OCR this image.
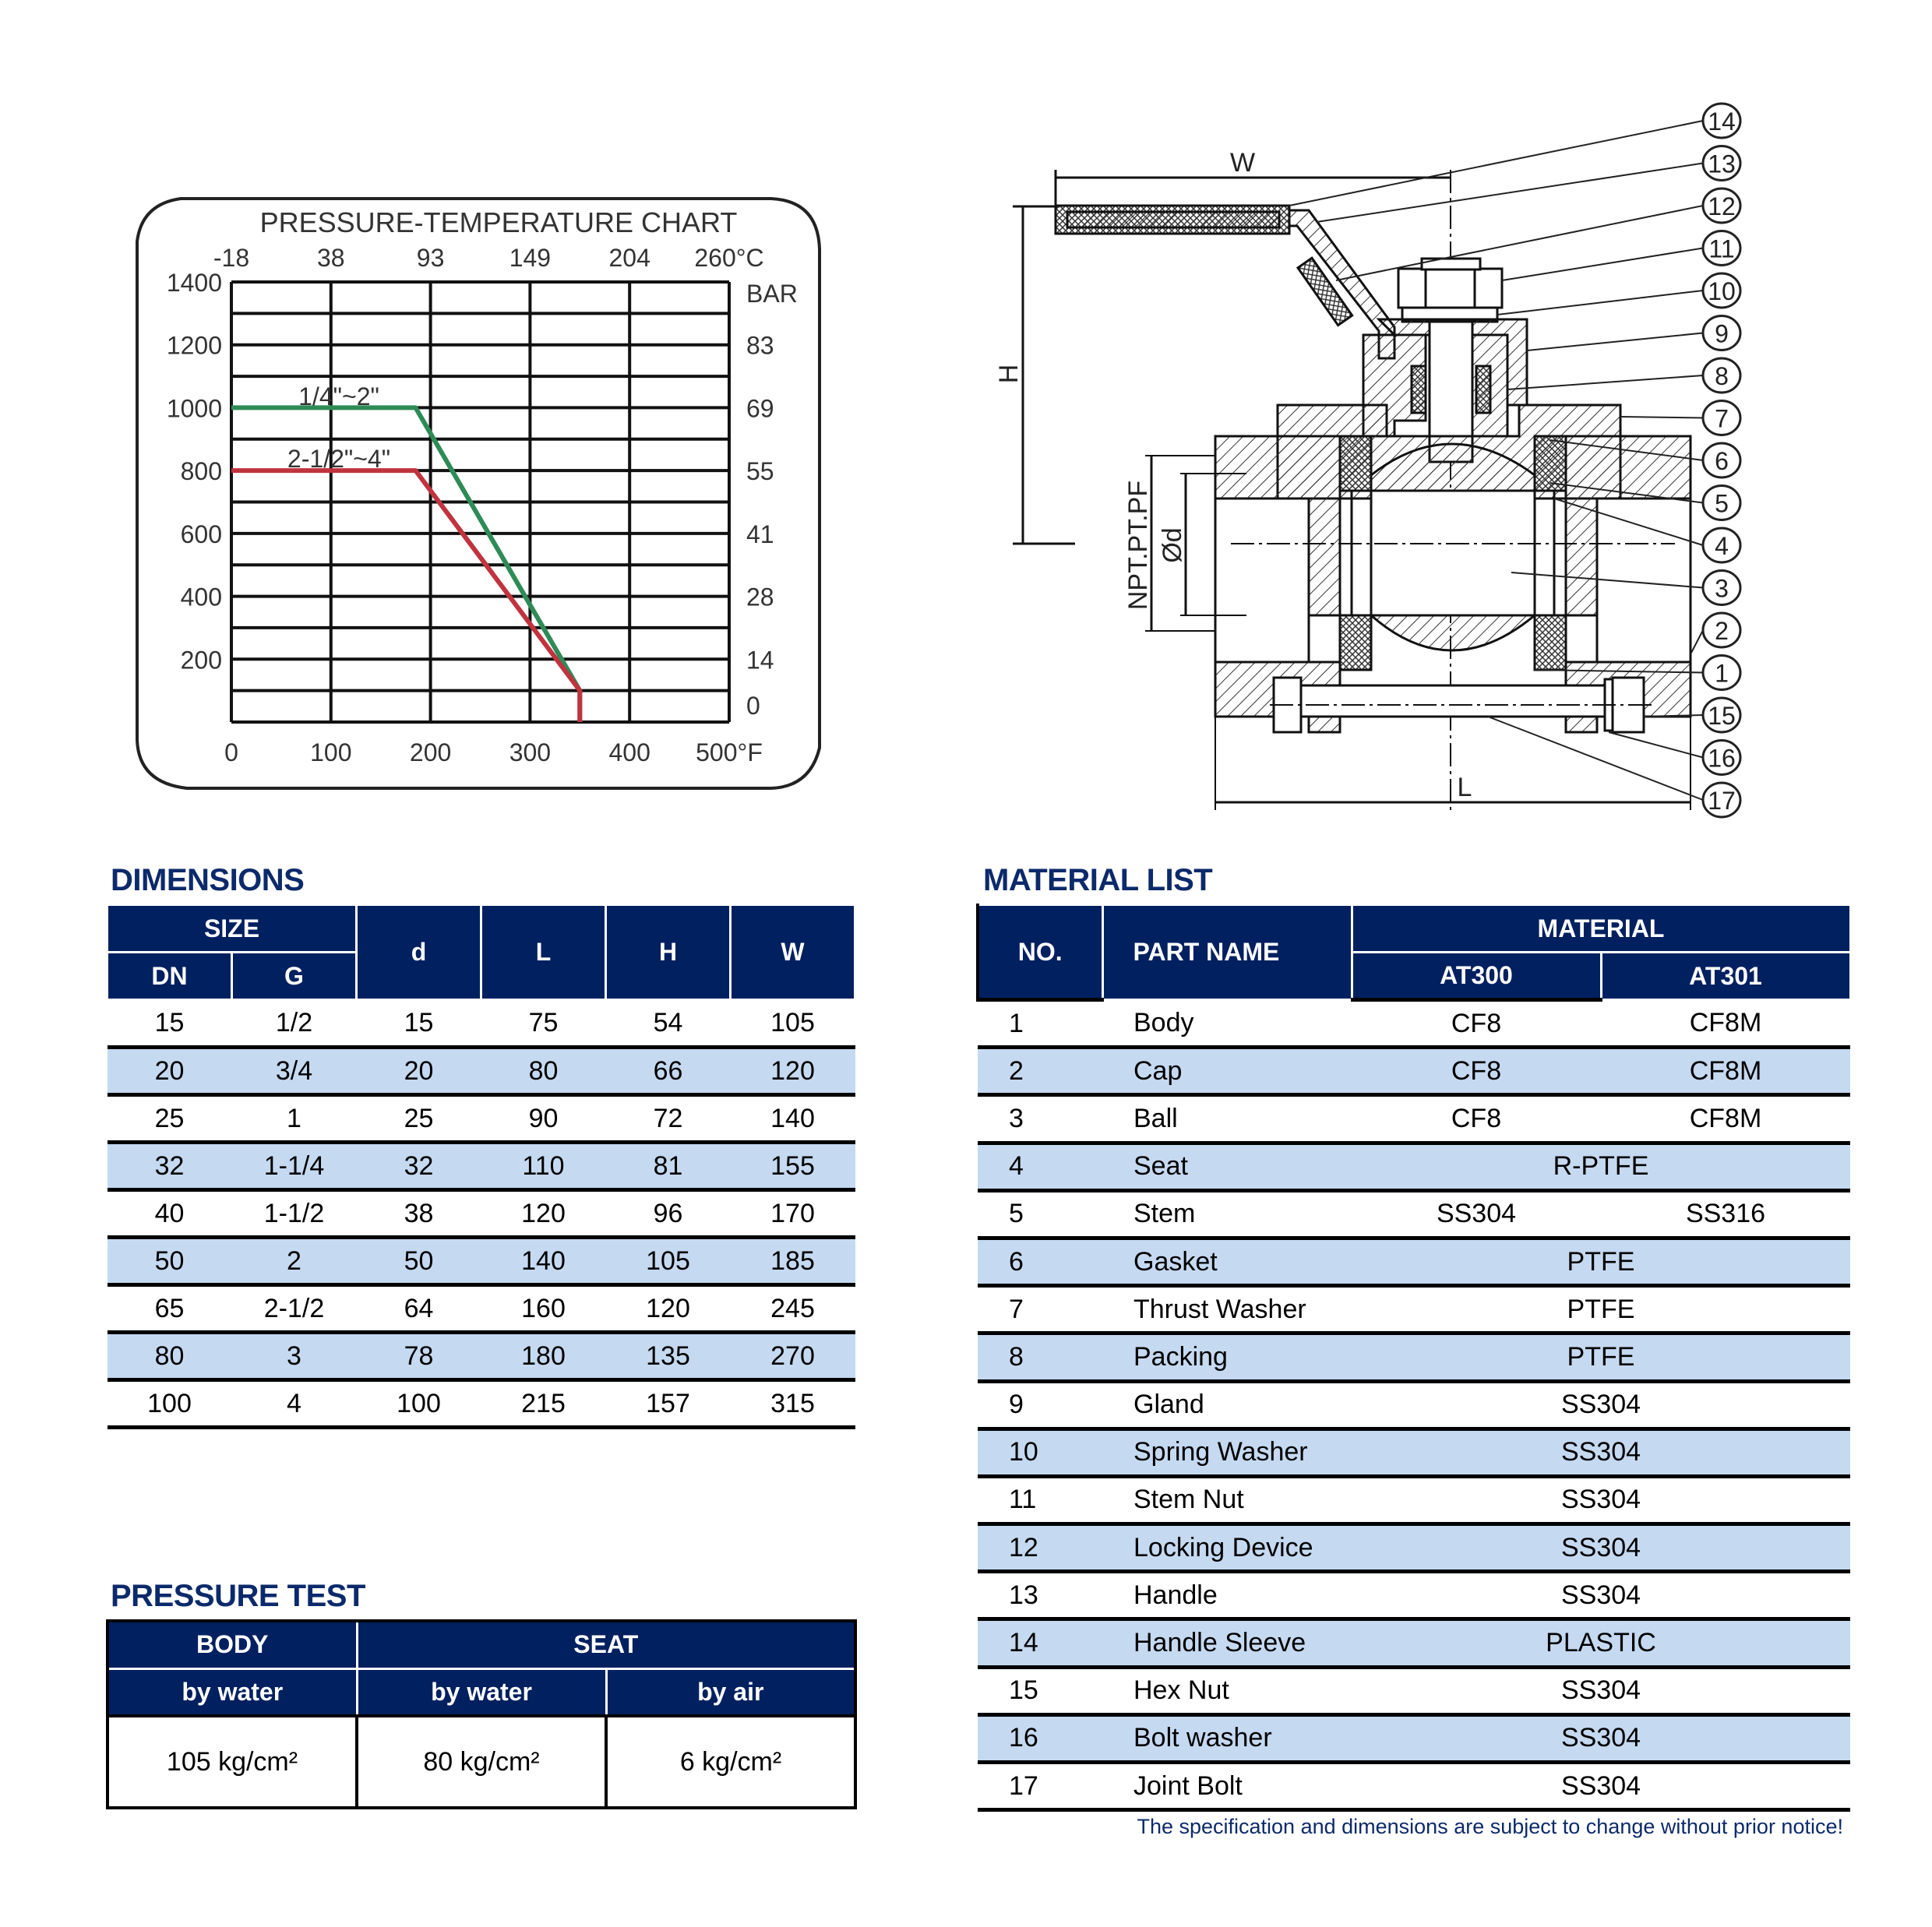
PRESSURE-TEMPERATURE CHART
0	100 200 300 400 500°F
-18	38	93	149 204 260°C
1400
1200
1000
800
600
400
200
BAR
83
69
55
41
28
14
0
1/4"~2"
2-1/2"~4"
W
H
L
Ød
NPT.PT.PF
14
13
12
11
10
9
8
7
6
5
4
3
2
1
15
16
17
DIMENSIONS
SIZE		d	L	H	W
DN	G				
15	1/2	15	75	54	105
20	3/4	20	80	66	120
25	1	25	90	72	140
32	1-1/4	32	110	81	155
40	1-1/2	38	120	96	170
50	2	50	140	105	185
65	2-1/2	64	160	120	245
80	3	78	180	135	270
100	4	100	215	157	315
PRESSURE TEST
BODY	SEAT	
by water	by water	by air
105 kg/cm²	80 kg/cm²	6 kg/cm²
MATERIAL LIST
NO.	PART NAME	MATERIAL	
		AT300	AT301
1	Body	CF8	CF8M
2	Cap	CF8	CF8M
3	Ball	CF8	CF8M
4	Seat	R-PTFE	
5	Stem	SS304	SS316
6	Gasket	PTFE	
7	Thrust Washer	PTFE	
8	Packing	PTFE	
9	Gland	SS304	
10	Spring Washer	SS304	
11	Stem Nut	SS304	
12	Locking Device	SS304	
13	Handle	SS304	
14	Handle Sleeve	PLASTIC	
15	Hex Nut	SS304	
16	Bolt washer	SS304	
17	Joint Bolt	SS304	
The specification and dimensions are subject to change without prior notice!
